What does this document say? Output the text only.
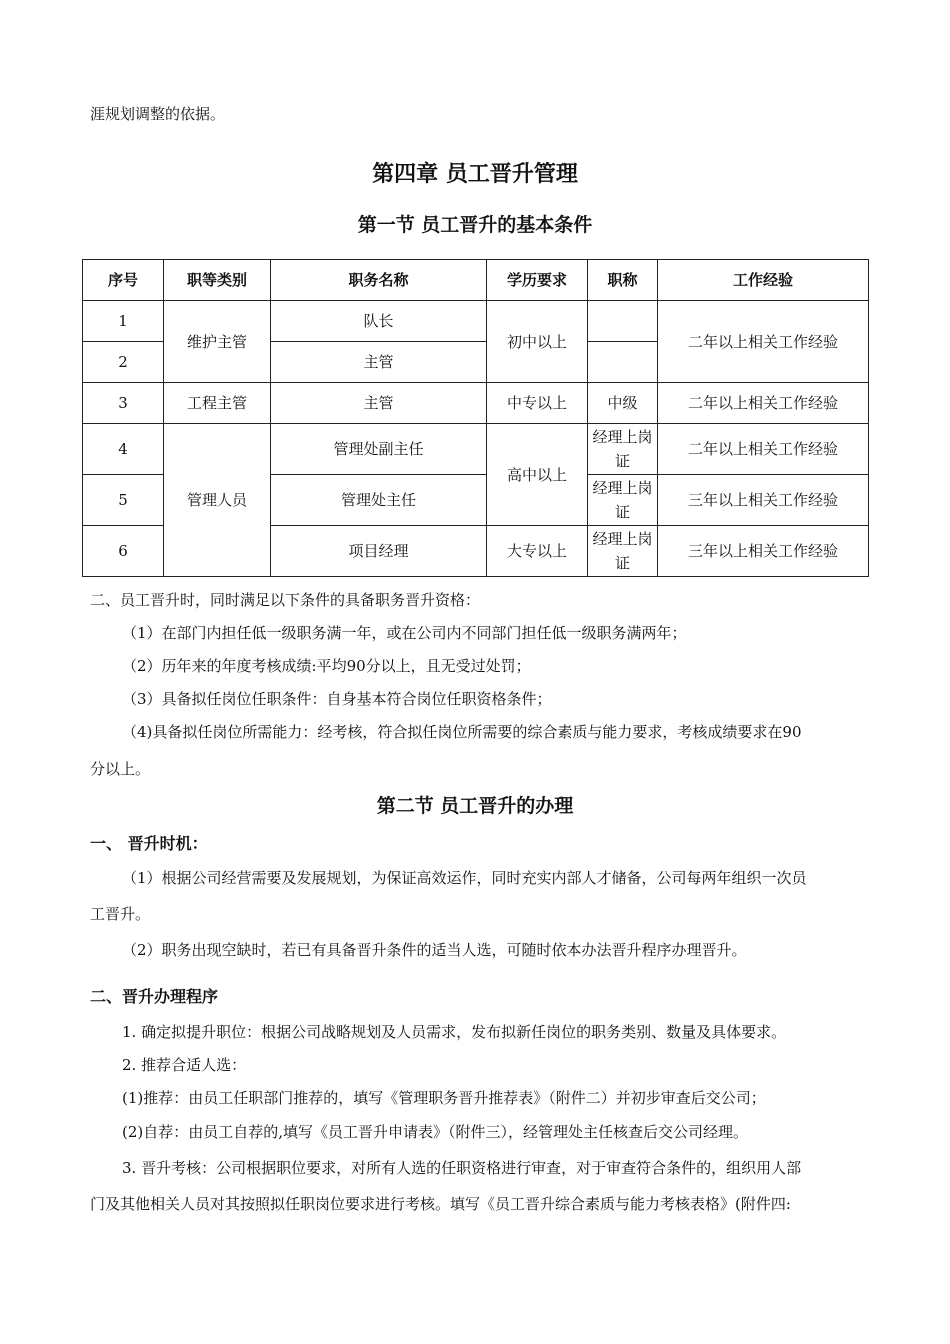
涯规划调整的依据。
第四章 员工晋升管理
第一节 员工晋升的基本条件
序号	职等类别	职务名称	学历要求	职称	工作经验
1	维护主管	队长	初中以上		二年以上相关工作经验
2		主管			
3	工程主管	主管	中专以上	中级	二年以上相关工作经验
4	管理人员	管理处副主任	高中以上	经理上岗证	二年以上相关工作经验
5		管理处主任		经理上岗证	三年以上相关工作经验
6		项目经理	大专以上	经理上岗证	三年以上相关工作经验
二、员工晋升时，同时满足以下条件的具备职务晋升资格：
（1）在部门内担任低一级职务满一年，或在公司内不同部门担任低一级职务满两年；
（2）历年来的年度考核成绩:平均90分以上，且无受过处罚；
（3）具备拟任岗位任职条件：自身基本符合岗位任职资格条件；
（4)具备拟任岗位所需能力：经考核，符合拟任岗位所需要的综合素质与能力要求，考核成绩要求在90
分以上。
第二节 员工晋升的办理
一、 晋升时机：
（1）根据公司经营需要及发展规划，为保证高效运作，同时充实内部人才储备，公司每两年组织一次员
工晋升。
（2）职务出现空缺时，若已有具备晋升条件的适当人选，可随时依本办法晋升程序办理晋升。
二、晋升办理程序
1. 确定拟提升职位：根据公司战略规划及人员需求，发布拟新任岗位的职务类别、数量及具体要求。
2. 推荐合适人选：
(1)推荐：由员工任职部门推荐的，填写《管理职务晋升推荐表》（附件二）并初步审查后交公司；
(2)自荐：由员工自荐的,填写《员工晋升申请表》（附件三），经管理处主任核查后交公司经理。
3. 晋升考核：公司根据职位要求，对所有人选的任职资格进行审查，对于审查符合条件的，组织用人部
门及其他相关人员对其按照拟任职岗位要求进行考核。填写《员工晋升综合素质与能力考核表格》(附件四:
